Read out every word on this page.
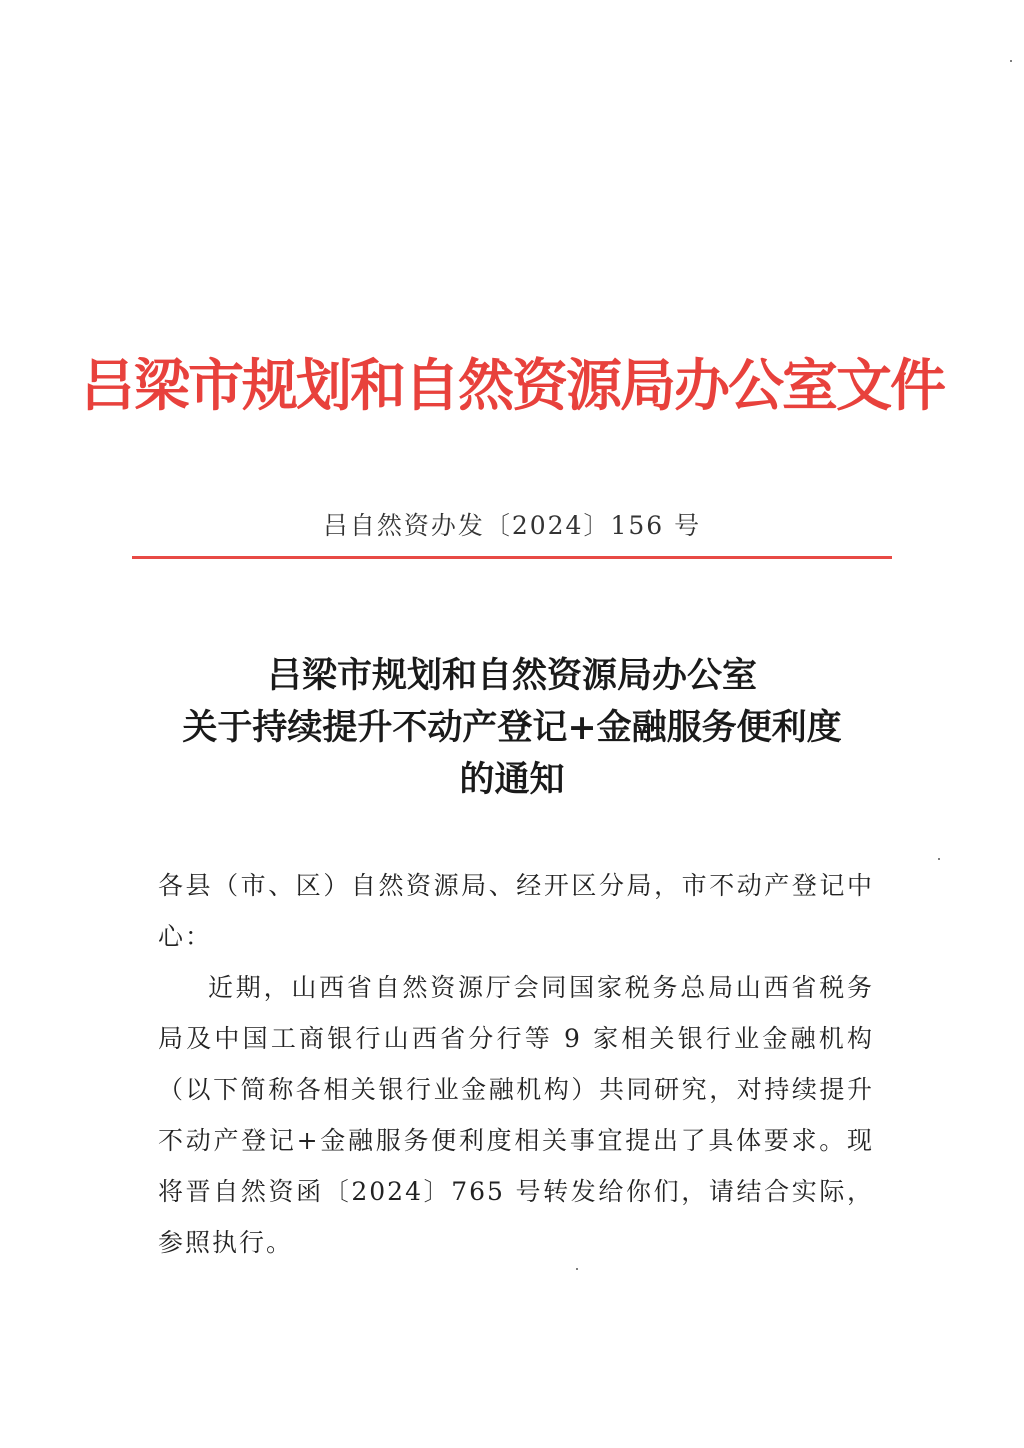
吕梁市规划和自然资源局办公室文件
吕自然资办发〔2024〕156 号
吕梁市规划和自然资源局办公室
关于持续提升不动产登记+金融服务便利度
的通知

各县（市、区）自然资源局、经开区分局，市不动产登记中心：

近期，山西省自然资源厅会同国家税务总局山西省税务局及中国工商银行山西省分行等 9 家相关银行业金融机构（以下简称各相关银行业金融机构）共同研究，对持续提升不动产登记+金融服务便利度相关事宜提出了具体要求。现将晋自然资函〔2024〕765 号转发给你们，请结合实际，参照执行。
